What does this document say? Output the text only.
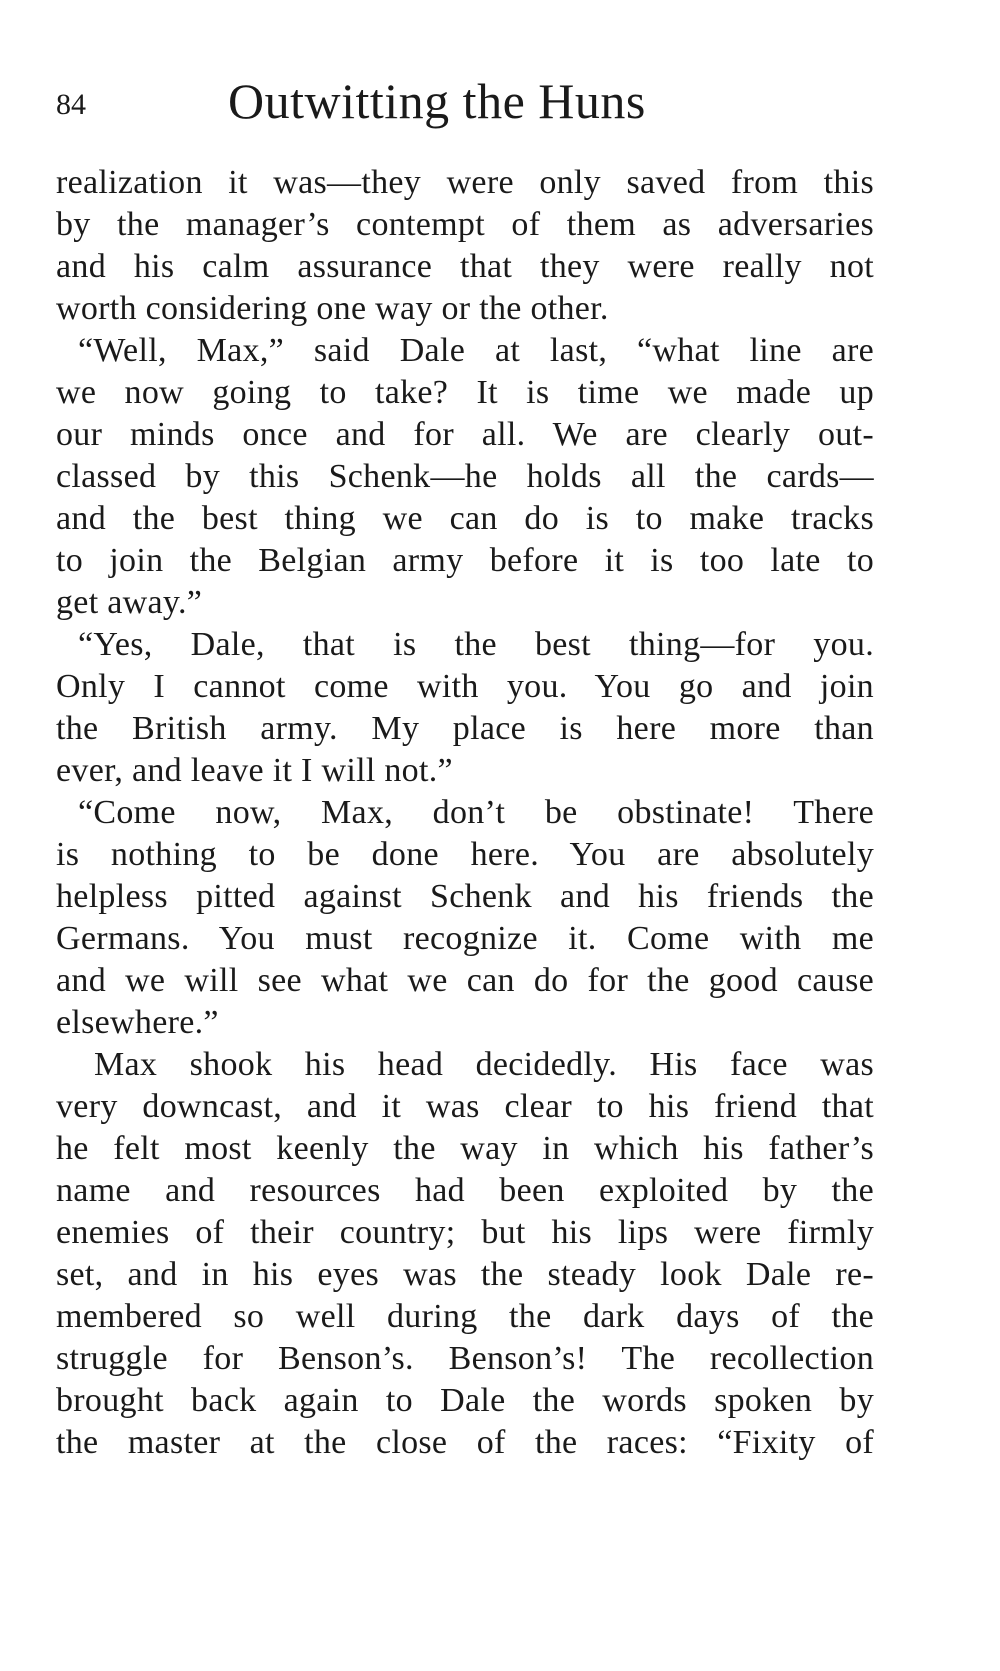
84	Outwitting the Huns
realization it was—they were only saved from this
by the manager’s contempt of them as adversaries
and his calm assurance that they were really not
worth considering one way or the other.
“Well, Max,” said Dale at last, “what line are
we now going to take? It is time we made up
our minds once and for all. We are clearly out-
classed by this Schenk—he holds all the cards—
and the best thing we can do is to make tracks
to join the Belgian army before it is too late to
get away.”
“Yes, Dale, that is the best thing—for you.
Only I cannot come with you. You go and join
the British army. My place is here more than
ever, and leave it I will not.”
“Come now, Max, don’t be obstinate! There
is nothing to be done here. You are absolutely
helpless pitted against Schenk and his friends the
Germans. You must recognize it. Come with me
and we will see what we can do for the good cause
elsewhere.”
Max shook his head decidedly. His face was
very downcast, and it was clear to his friend that
he felt most keenly the way in which his father’s
name and resources had been exploited by the
enemies of their country; but his lips were firmly
set, and in his eyes was the steady look Dale re-
membered so well during the dark days of the
struggle for Benson’s. Benson’s! The recollection
brought back again to Dale the words spoken by
the master at the close of the races: “Fixity of
